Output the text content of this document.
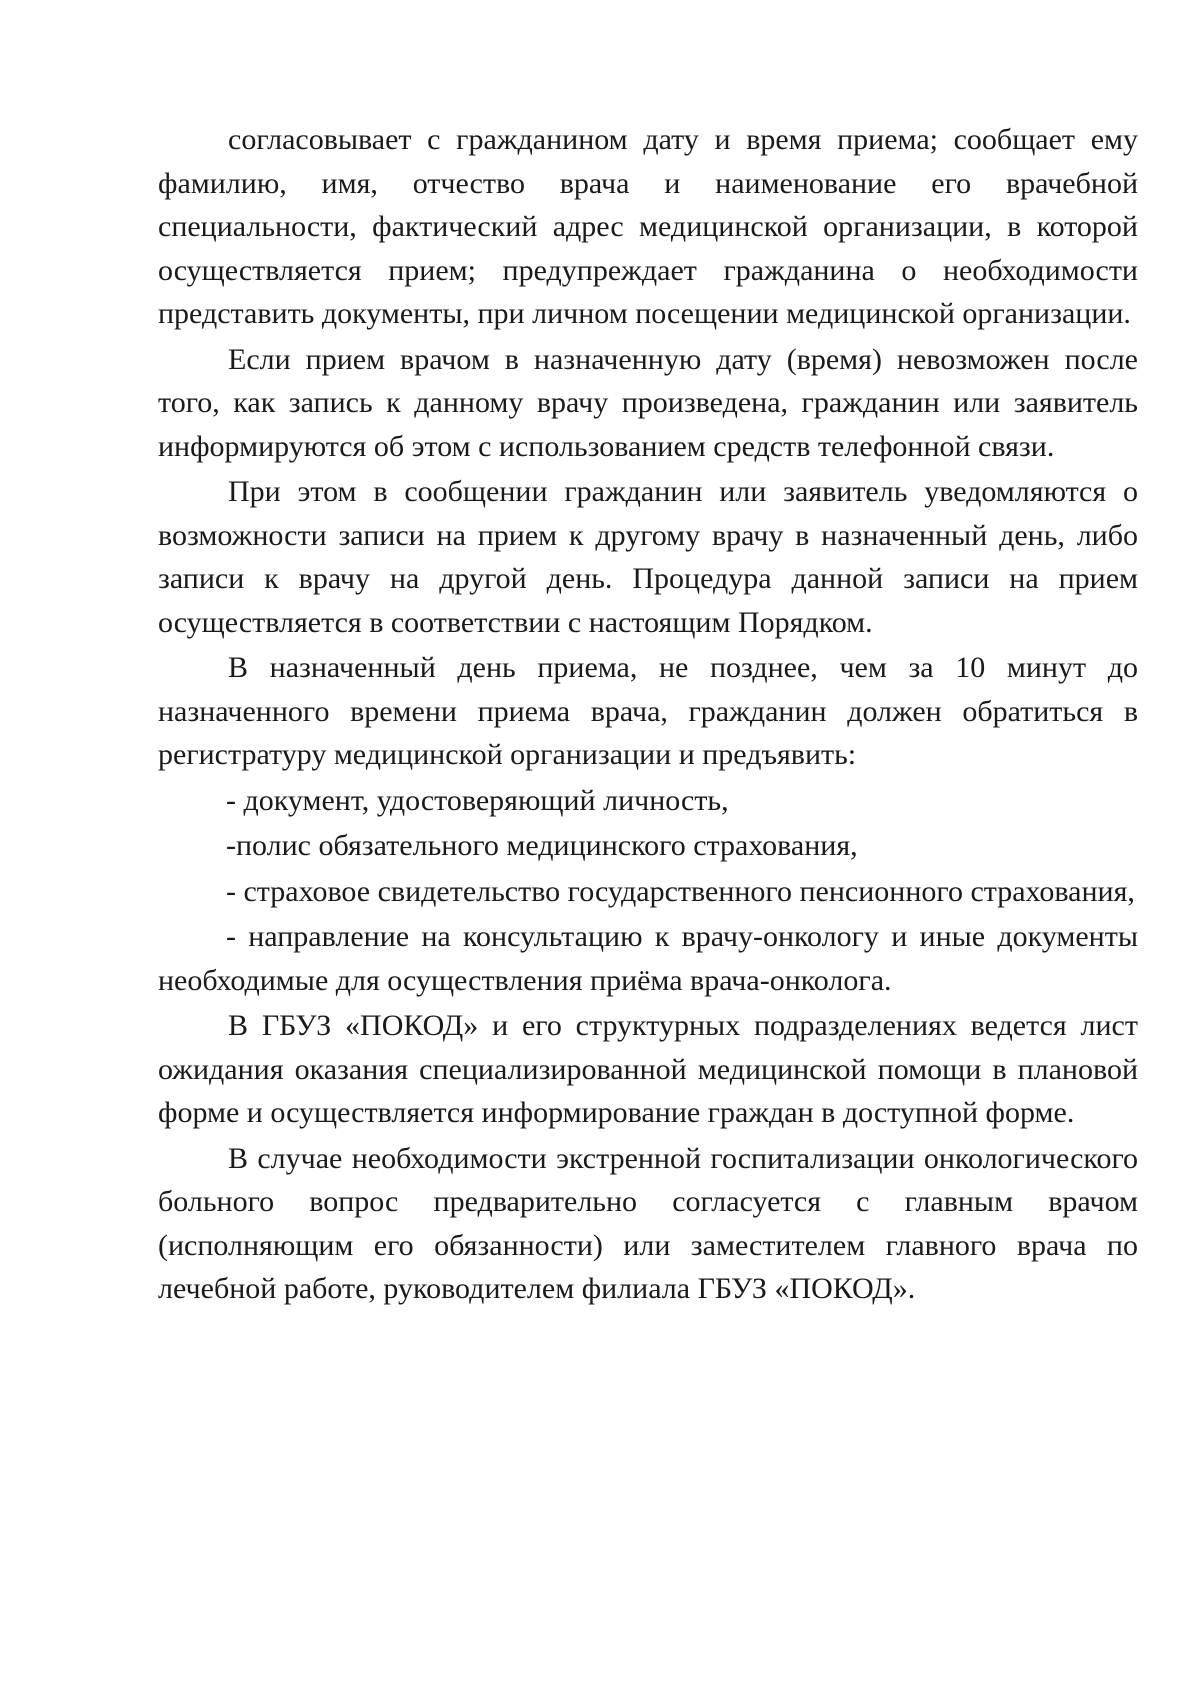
согласовывает с гражданином дату и время приема; сообщает ему фамилию, имя, отчество врача и наименование его врачебной специальности, фактический адрес медицинской организации, в которой осуществляется прием; предупреждает гражданина о необходимости представить документы, при личном посещении медицинской организации.

Если прием врачом в назначенную дату (время) невозможен после того, как запись к данному врачу произведена, гражданин или заявитель информируются об этом с использованием средств телефонной связи.

При этом в сообщении гражданин или заявитель уведомляются о возможности записи на прием к другому врачу в назначенный день, либо записи к врачу на другой день. Процедура данной записи на прием осуществляется в соответствии с настоящим Порядком.

В назначенный день приема, не позднее, чем за 10 минут до назначенного времени приема врача, гражданин должен обратиться в регистратуру медицинской организации и предъявить:

- документ, удостоверяющий личность,

-полис обязательного медицинского страхования,

- страховое свидетельство государственного пенсионного страхования,

- направление на консультацию к врачу-онкологу и иные документы необходимые для осуществления приёма врача-онколога.

В ГБУЗ «ПОКОД» и его структурных подразделениях ведется лист ожидания оказания специализированной медицинской помощи в плановой форме и осуществляется информирование граждан в доступной форме.

В случае необходимости экстренной госпитализации онкологического больного вопрос предварительно согласуется с главным врачом (исполняющим его обязанности) или заместителем главного врача по лечебной работе, руководителем филиала ГБУЗ «ПОКОД».
